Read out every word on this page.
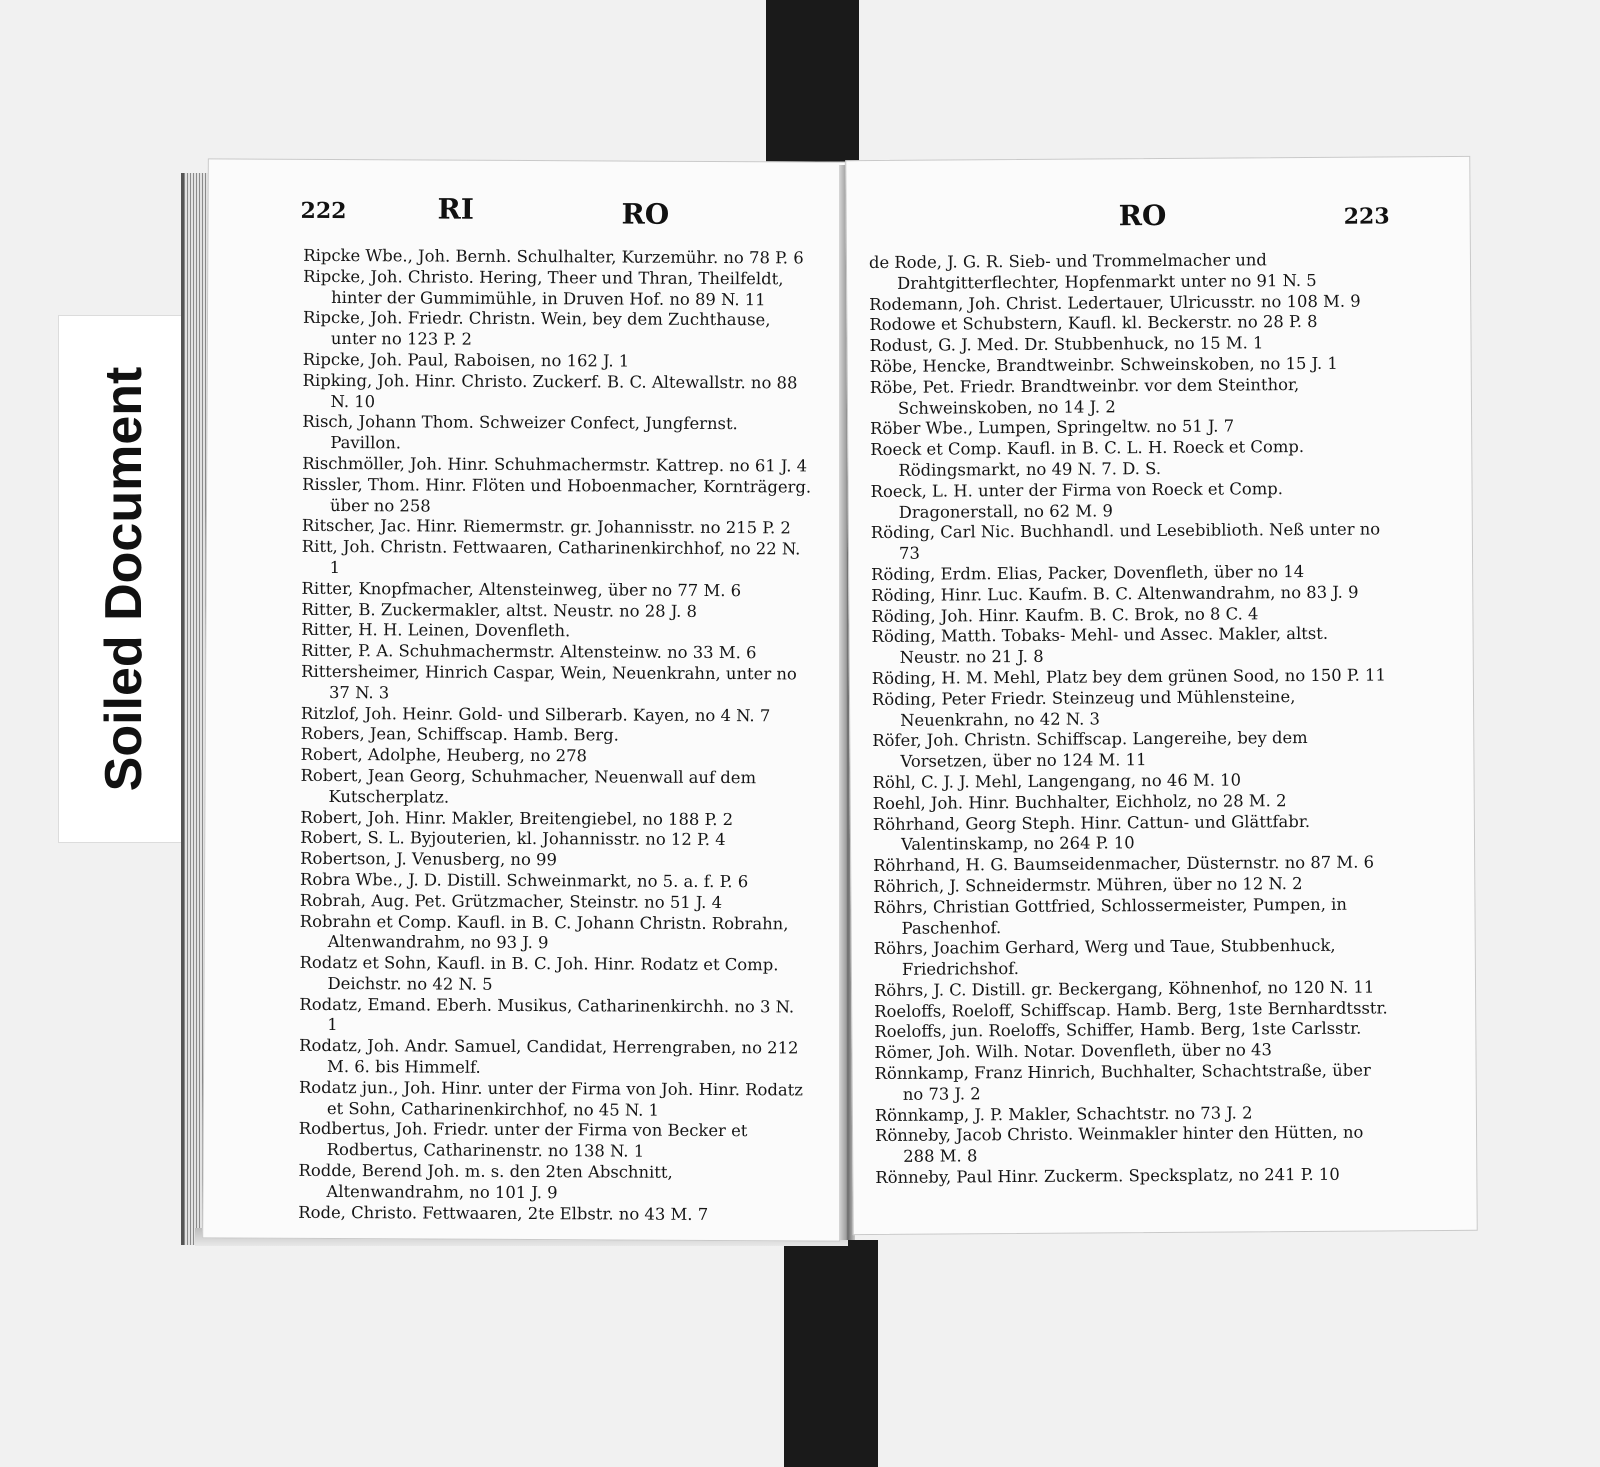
Soiled Document
222	RI	RO
Ripcke Wbe., Joh. Bernh. Schulhalter, Kurzemühr. no 78 P. 6
Ripcke, Joh. Christo. Hering, Theer und Thran, Theilfeldt, hinter der Gummimühle, in Druven Hof. no 89 N. 11
Ripcke, Joh. Friedr. Christn. Wein, bey dem Zuchthause, unter no 123 P. 2
Ripcke, Joh. Paul, Raboisen, no 162 J. 1
Ripking, Joh. Hinr. Christo. Zuckerf. B. C. Altewallstr. no 88 N. 10
Risch, Johann Thom. Schweizer Confect, Jungfernst. Pavillon.
Rischmöller, Joh. Hinr. Schuhmachermstr. Kattrep. no 61 J. 4
Rissler, Thom. Hinr. Flöten und Hoboenmacher, Kornträgerg. über no 258
Ritscher, Jac. Hinr. Riemermstr. gr. Johannisstr. no 215 P. 2
Ritt, Joh. Christn. Fettwaaren, Catharinenkirchhof, no 22 N. 1
Ritter, Knopfmacher, Altensteinweg, über no 77 M. 6
Ritter, B. Zuckermakler, altst. Neustr. no 28 J. 8
Ritter, H. H. Leinen, Dovenfleth.
Ritter, P. A. Schuhmachermstr. Altensteinw. no 33 M. 6
Rittersheimer, Hinrich Caspar, Wein, Neuenkrahn, unter no 37 N. 3
Ritzlof, Joh. Heinr. Gold- und Silberarb. Kayen, no 4 N. 7
Robers, Jean, Schiffscap. Hamb. Berg.
Robert, Adolphe, Heuberg, no 278
Robert, Jean Georg, Schuhmacher, Neuenwall auf dem Kutscherplatz.
Robert, Joh. Hinr. Makler, Breitengiebel, no 188 P. 2
Robert, S. L. Byjouterien, kl. Johannisstr. no 12 P. 4
Robertson, J. Venusberg, no 99
Robra Wbe., J. D. Distill. Schweinmarkt, no 5. a. f. P. 6
Robrah, Aug. Pet. Grützmacher, Steinstr. no 51 J. 4
Robrahn et Comp. Kaufl. in B. C. Johann Christn. Robrahn, Altenwandrahm, no 93 J. 9
Rodatz et Sohn, Kaufl. in B. C. Joh. Hinr. Rodatz et Comp. Deichstr. no 42 N. 5
Rodatz, Emand. Eberh. Musikus, Catharinenkirchh. no 3 N. 1
Rodatz, Joh. Andr. Samuel, Candidat, Herrengraben, no 212 M. 6. bis Himmelf.
Rodatz jun., Joh. Hinr. unter der Firma von Joh. Hinr. Rodatz et Sohn, Catharinenkirchhof, no 45 N. 1
Rodbertus, Joh. Friedr. unter der Firma von Becker et Rodbertus, Catharinenstr. no 138 N. 1
Rodde, Berend Joh. m. s. den 2ten Abschnitt, Altenwandrahm, no 101 J. 9
Rode, Christo. Fettwaaren, 2te Elbstr. no 43 M. 7
RO	223
de Rode, J. G. R. Sieb- und Trommelmacher und Drahtgitterflechter, Hopfenmarkt unter no 91 N. 5
Rodemann, Joh. Christ. Ledertauer, Ulricusstr. no 108 M. 9
Rodowe et Schubstern, Kaufl. kl. Beckerstr. no 28 P. 8
Rodust, G. J. Med. Dr. Stubbenhuck, no 15 M. 1
Röbe, Hencke, Brandtweinbr. Schweinskoben, no 15 J. 1
Röbe, Pet. Friedr. Brandtweinbr. vor dem Steinthor, Schweinskoben, no 14 J. 2
Röber Wbe., Lumpen, Springeltw. no 51 J. 7
Roeck et Comp. Kaufl. in B. C. L. H. Roeck et Comp. Rödingsmarkt, no 49 N. 7. D. S.
Roeck, L. H. unter der Firma von Roeck et Comp. Dragonerstall, no 62 M. 9
Röding, Carl Nic. Buchhandl. und Lesebiblioth. Neß unter no 73
Röding, Erdm. Elias, Packer, Dovenfleth, über no 14
Röding, Hinr. Luc. Kaufm. B. C. Altenwandrahm, no 83 J. 9
Röding, Joh. Hinr. Kaufm. B. C. Brok, no 8 C. 4
Röding, Matth. Tobaks- Mehl- und Assec. Makler, altst. Neustr. no 21 J. 8
Röding, H. M. Mehl, Platz bey dem grünen Sood, no 150 P. 11
Röding, Peter Friedr. Steinzeug und Mühlensteine, Neuenkrahn, no 42 N. 3
Röfer, Joh. Christn. Schiffscap. Langereihe, bey dem Vorsetzen, über no 124 M. 11
Röhl, C. J. J. Mehl, Langengang, no 46 M. 10
Roehl, Joh. Hinr. Buchhalter, Eichholz, no 28 M. 2
Röhrhand, Georg Steph. Hinr. Cattun- und Glättfabr. Valentinskamp, no 264 P. 10
Röhrhand, H. G. Baumseidenmacher, Düsternstr. no 87 M. 6
Röhrich, J. Schneidermstr. Mühren, über no 12 N. 2
Röhrs, Christian Gottfried, Schlossermeister, Pumpen, in Paschenhof.
Röhrs, Joachim Gerhard, Werg und Taue, Stubbenhuck, Friedrichshof.
Röhrs, J. C. Distill. gr. Beckergang, Köhnenhof, no 120 N. 11
Roeloffs, Roeloff, Schiffscap. Hamb. Berg, 1ste Bernhardtsstr.
Roeloffs, jun. Roeloffs, Schiffer, Hamb. Berg, 1ste Carlsstr.
Römer, Joh. Wilh. Notar. Dovenfleth, über no 43
Rönnkamp, Franz Hinrich, Buchhalter, Schachtstraße, über no 73 J. 2
Rönnkamp, J. P. Makler, Schachtstr. no 73 J. 2
Rönneby, Jacob Christo. Weinmakler hinter den Hütten, no 288 M. 8
Rönneby, Paul Hinr. Zuckerm. Specksplatz, no 241 P. 10
